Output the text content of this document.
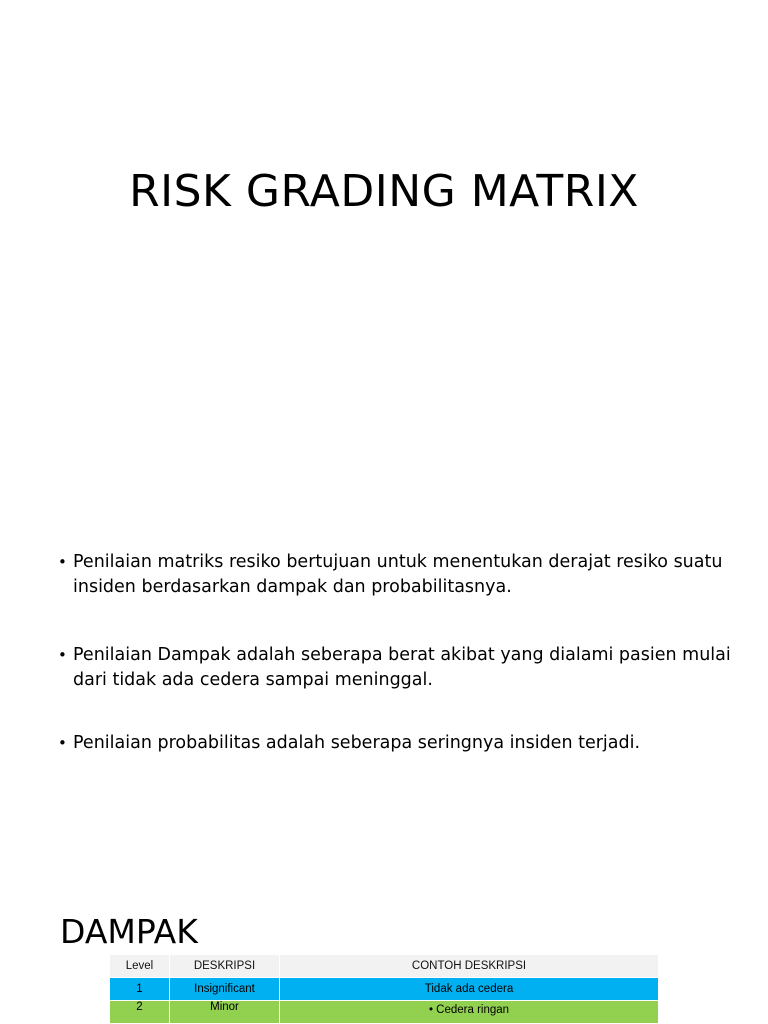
RISK GRADING MATRIX
• Penilaian matriks resiko bertujuan untuk menentukan derajat resiko suatu insiden berdasarkan dampak dan probabilitasnya.
• Penilaian Dampak adalah seberapa berat akibat yang dialami pasien mulai dari tidak ada cedera sampai meninggal.
• Penilaian probabilitas adalah seberapa seringnya insiden terjadi.
DAMPAK
Level	DESKRIPSI	CONTOH DESKRIPSI
1	Insignificant	Tidak ada cedera
2	Minor	• Cedera ringan
